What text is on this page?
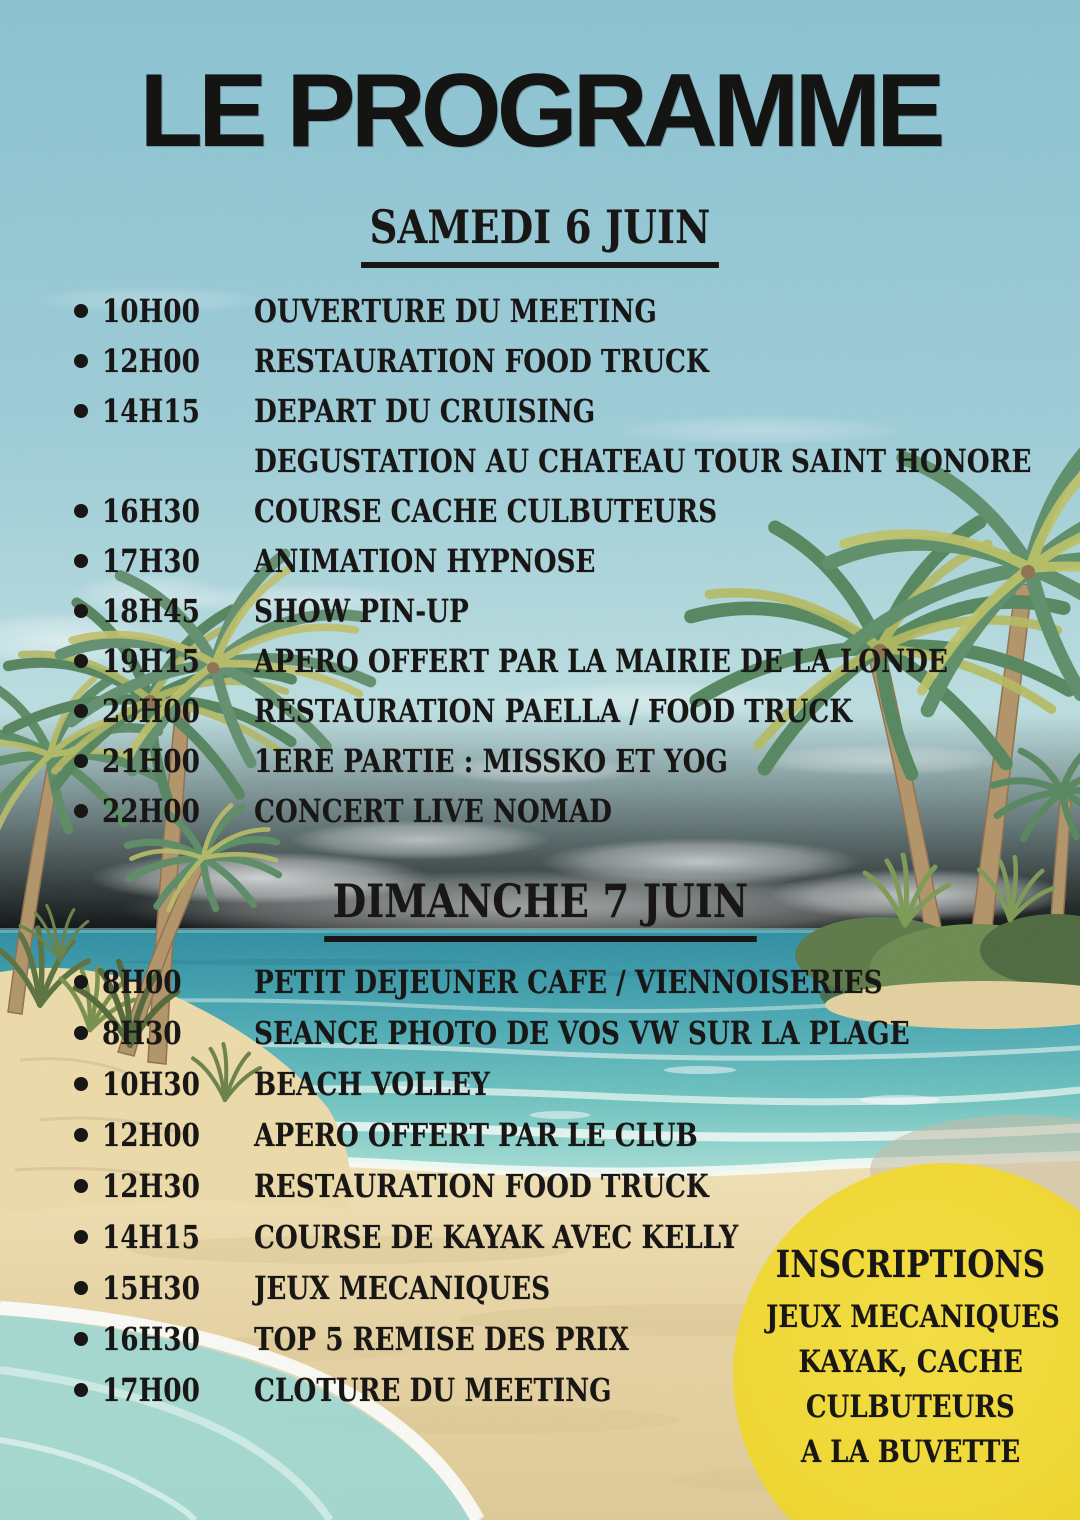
LE PROGRAMME
SAMEDI 6 JUIN
10H00	OUVERTURE DU MEETING
12H00	RESTAURATION FOOD TRUCK
14H15	DEPART DU CRUISING
DEGUSTATION AU CHATEAU TOUR SAINT HONORE
16H30	COURSE CACHE CULBUTEURS
17H30	ANIMATION HYPNOSE
18H45	SHOW PIN-UP
19H15	APERO OFFERT PAR LA MAIRIE DE LA LONDE
20H00	RESTAURATION PAELLA / FOOD TRUCK
21H00	1ERE PARTIE : MISSKO ET YOG
22H00	CONCERT LIVE NOMAD
DIMANCHE 7 JUIN
8H00	PETIT DEJEUNER CAFE / VIENNOISERIES
8H30	SEANCE PHOTO DE VOS VW SUR LA PLAGE
10H30	BEACH VOLLEY
12H00	APERO OFFERT PAR LE CLUB
12H30	RESTAURATION FOOD TRUCK
14H15	COURSE DE KAYAK AVEC KELLY
15H30	JEUX MECANIQUES
16H30	TOP 5 REMISE DES PRIX
17H00	CLOTURE DU MEETING
INSCRIPTIONS
JEUX MECANIQUES
KAYAK, CACHE
CULBUTEURS
A LA BUVETTE
